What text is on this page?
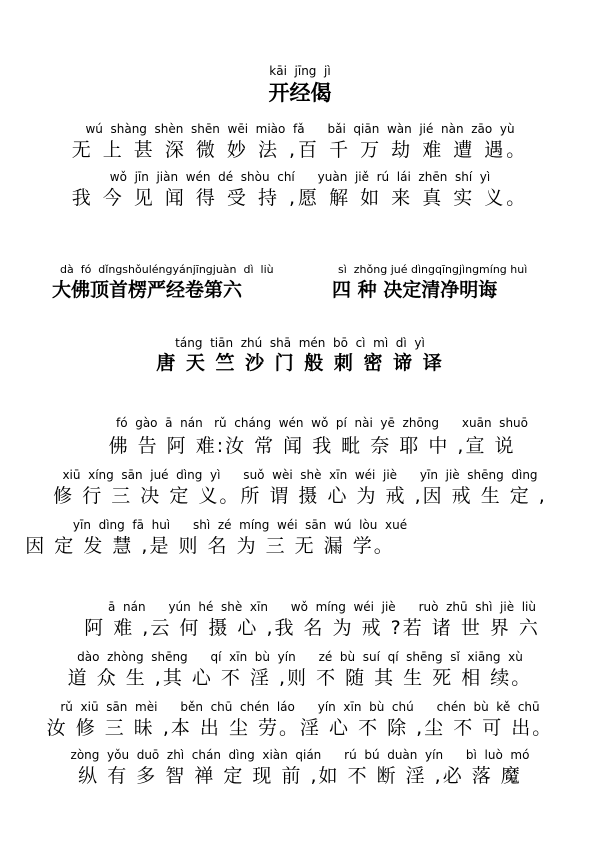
kāi  jīng  jì
开经偈
wú  shàng  shèn  shēn  wēi  miào  fǎ      bǎi  qiān  wàn  jié  nàn  zāo  yù
无 上 甚 深 微 妙 法 ,百 千 万 劫 难 遭 遇。
wǒ  jīn  jiàn  wén  dé  shòu  chí      yuàn  jiě  rú  lái  zhēn  shí  yì
我 今 见 闻 得 受 持 ,愿 解 如 来 真 实 义。
dà  fó  dǐngshǒuléngyánjīngjuàn  dì  liù
大佛顶首楞严经卷第六
sì  zhǒng jué dìngqīngjìngmíng huì
四 种 决定清净明诲
táng  tiān  zhú  shā  mén  bō  cì  mì  dì  yì
唐 天 竺 沙 门 般 刺 密 谛 译
fó  gào  ā  nán   rǔ  cháng  wén  wǒ  pí  nài  yē  zhōng      xuān  shuō
佛 告 阿 难:汝 常 闻 我 毗 奈 耶 中 ,宣 说
xiū  xíng  sān  jué  dìng  yì      suǒ  wèi  shè  xīn  wéi  jiè      yīn  jiè  shēng  dìng
修 行 三 决 定 义。所 谓 摄 心 为 戒 ,因 戒 生 定 ,
yīn  dìng  fā  huì      shì  zé  míng  wéi  sān  wú  lòu  xué
因 定 发 慧 ,是 则 名 为 三 无 漏 学。
ā  nán      yún  hé  shè  xīn      wǒ  míng  wéi  jiè      ruò  zhū  shì  jiè  liù
阿 难 ,云 何 摄 心 ,我 名 为 戒 ?若 诸 世 界 六
dào  zhòng  shēng      qí  xīn  bù  yín      zé  bù  suí  qí  shēng  sǐ  xiāng  xù
道 众 生 ,其 心 不 淫 ,则 不 随 其 生 死 相 续。
rǔ  xiū  sān  mèi      běn  chū  chén  láo      yín  xīn  bù  chú      chén  bù  kě  chū
汝 修 三 昧 ,本 出 尘 劳。淫 心 不 除 ,尘 不 可 出。
zòng  yǒu  duō  zhì  chán  dìng  xiàn  qián      rú  bú  duàn  yín      bì  luò  mó
纵 有 多 智 禅 定 现 前 ,如 不 断 淫 ,必 落 魔
